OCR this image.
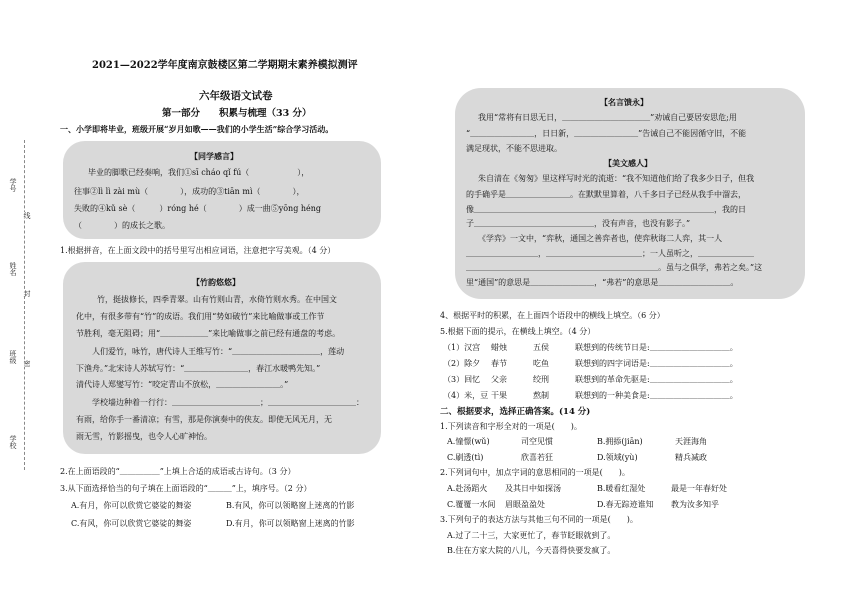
学号
线
姓名
封
班级 密
学校
2021—2022学年度南京鼓楼区第二学期期末素养模拟测评
六年级语文试卷
第一部分　　积累与梳理（33 分）
一、小学即将毕业，班级开展“岁月如歌——我们的小学生活”综合学习活动。
【同学感言】
毕业的脚歌已经奏响，我们①sī cháo qǐ fú（　　　　　　），
往事②lì lì zài mù（　　　　），成功的③tiān mì（　　　　），
失败的④kǔ sè（　　　）róng hé（　　　　）成一曲⑤yōng héng
（　　　　）的成长之歌。
1.根据拼音，在上面文段中的括号里写出相应词语，注意把字写美观。（4 分）
【竹韵悠悠】
竹，挺拔修长，四季青翠。山有竹则山青，水倚竹则水秀。在中国文
化中，有很多带有“竹”的成语。我们用“势如破竹”来比喻做事或工作节
节胜利，毫无阻碍；用“＿＿＿＿＿＿”来比喻做事之前已经有通盘的考虑。
人们爱竹，咏竹，唐代诗人王维写竹：“＿＿＿＿＿＿＿＿＿＿＿，莲动
下渔舟。”北宋诗人苏轼写竹：“＿＿＿＿＿＿＿＿，春江水暖鸭先知。”
清代诗人郑燮写竹：“咬定青山不放松，＿＿＿＿＿＿＿＿。”
学校墙边种着一行行：＿＿＿＿＿＿＿＿＿＿＿；＿＿＿＿＿＿＿＿＿＿＿：
有雨，给你手一番清凉；有雪，那是你演奏中的侠友。即使无风无月，无
雨无雪，竹影摇曳，也令人心旷神怡。
2.在上面语段的“＿＿＿＿＿”上填上合适的成语或古诗句。（3 分）
3.从下面选择恰当的句子填在上面语段的“＿＿＿”上，填序号。（2 分）
A.有月，你可以欣赏它婆娑的舞姿	B.有风，你可以领略窗上迷离的竹影
C.有风，你可以欣赏它婆娑的舞姿	D.有月，你可以领略窗上迷离的竹影
【名言馈永】
我用“常将有日思无日，＿＿＿＿＿＿＿＿＿＿＿”劝诫自己要居安思危;用
“＿＿＿＿＿＿＿＿，日日新，＿＿＿＿＿＿＿＿”告诫自己不能因循守旧，不能
满足现状，不能不思进取。
【美文感人】
朱自清在《匆匆》里这样写时光的流逝：“我不知道他们给了我多少日子，但我
的手确乎是＿＿＿＿＿＿＿＿。在默默里算着，八千多日子已经从我手中溜去，
像＿＿＿＿＿＿＿＿＿＿＿＿＿＿＿＿＿＿＿＿＿＿＿＿＿＿＿＿＿＿，我的日
子＿＿＿＿＿＿＿＿＿＿＿＿＿＿＿，没有声音，也没有影子。”
《学弈》一文中，“弈秋，通国之善弈者也，使弈秋诲二人弈，其一人
＿＿＿＿＿＿＿＿＿，＿＿＿＿＿＿＿＿＿＿＿＿；一人虽听之，＿＿＿＿＿＿＿
＿＿＿＿＿＿＿＿＿＿＿＿＿＿＿＿＿＿＿＿＿＿＿＿。虽与之俱学，弗若之矣。”这
里“通国”的意思是＿＿＿＿＿＿＿＿，“弗若”的意思是＿＿＿＿＿＿＿＿＿。
4、根据平时的积累，在上面四个语段中的横线上填空。（6 分）
5.根据下面的提示，在横线上填空。（4 分）
（1）汉宫 蜡烛	五侯	联想到的传统节日是:＿＿＿＿＿＿＿＿＿＿。
（2）除夕 春节	吃鱼	联想到的四字词语是:＿＿＿＿＿＿＿＿＿＿。
（3）回忆 父亲	绞刑	联想到的革命先驱是:＿＿＿＿＿＿＿＿＿＿。
（4）米，豆 干果	熬制	联想到的一种美食是:＿＿＿＿＿＿＿＿＿＿。
二、根据要求，选择正确答案。(14 分)
1.下列读音和字形全对的一项是(　　)。
A.憧憬(wǔ)	司空见惯	B.拥掭(jiān)	天涯海角
C.刷透(tì)	欣喜若狂	D.领域(yù)	精兵减政
2.下列词句中，加点字词的意思相同的一项是(　　)。
A.赴汤蹈火 及其日中如探汤	B.暖看红湿处	最是一年春好处
C.覆覆一水间 眉眼盈盈处	D.春无踪迹谁知 教为汝多知乎
3.下列句子的表达方法与其他三句不同的一项是(　　)。
A.过了二十三，大家更忙了，春节眨眼就到了。
B.住在方家大院的八儿，今天喜得快要发疯了。
